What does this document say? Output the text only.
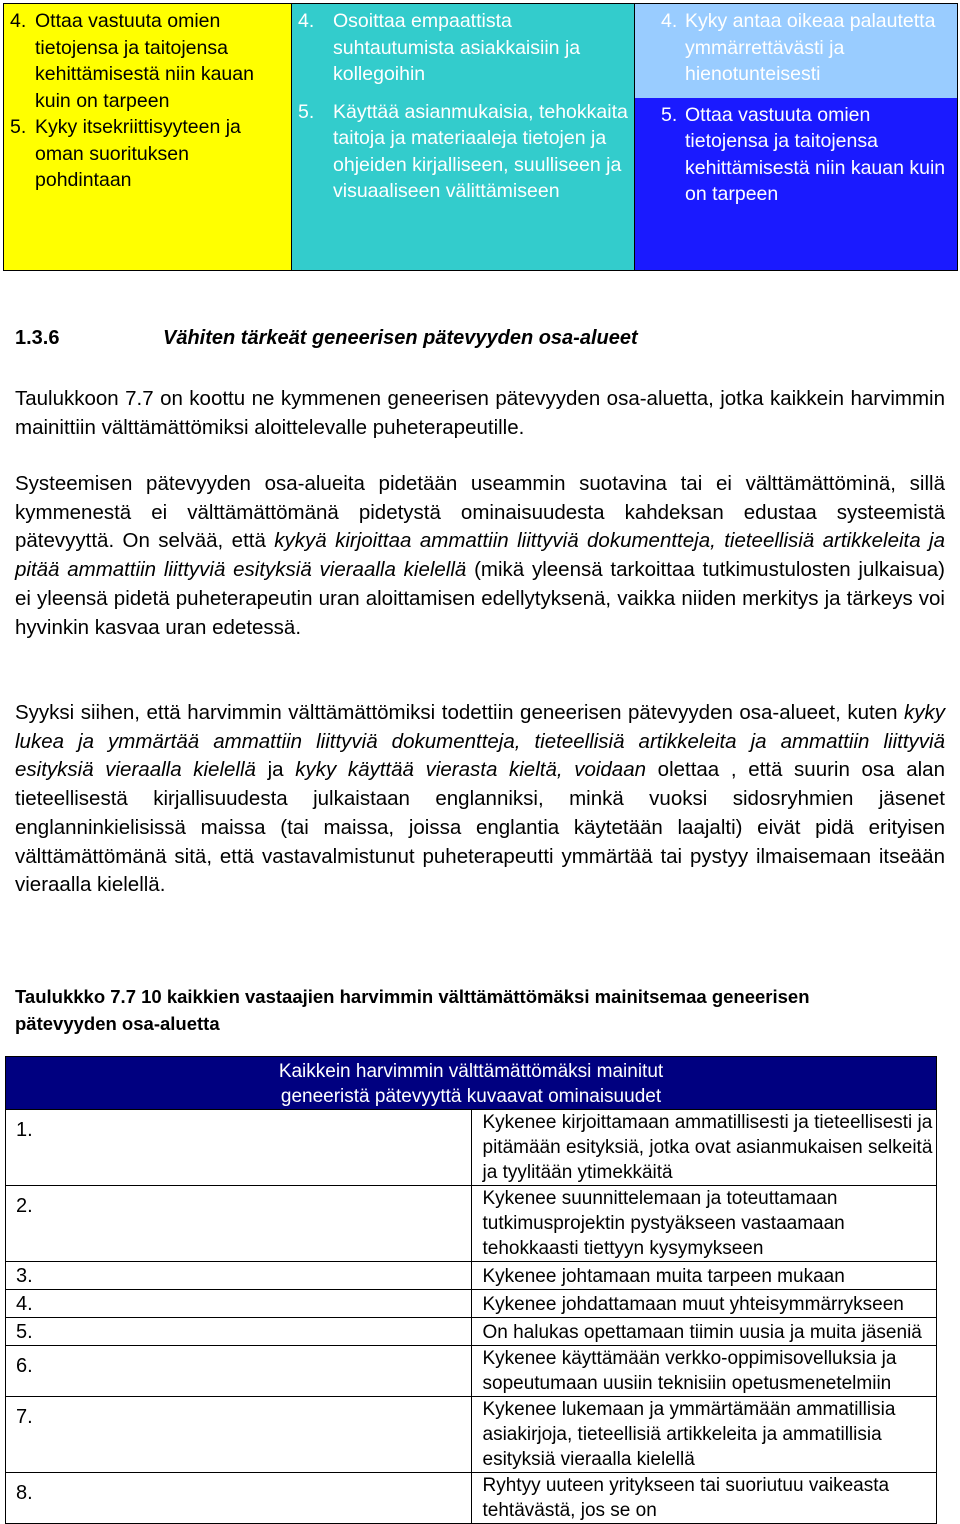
4. Ottaa vastuuta omien tietojensa ja taitojensa kehittämisestä niin kauan kuin on tarpeen
5. Kyky itsekriittisyyteen ja oman suorituksen pohdintaan

4. Osoittaa empaattista suhtautumista asiakkaisiin ja kollegoihin
5. Käyttää asianmukaisia, tehokkaita taitoja ja materiaaleja tietojen ja ohjeiden kirjalliseen, suulliseen ja visuaaliseen välittämiseen

4. Kyky antaa oikeaa palautetta ymmärrettävästi ja hienotunteisesti
5. Ottaa vastuuta omien tietojensa ja taitojensa kehittämisestä niin kauan kuin on tarpeen
1.3.6	Vähiten tärkeät geneerisen pätevyyden osa-alueet
Taulukkoon 7.7 on koottu ne kymmenen geneerisen pätevyyden osa-aluetta, jotka kaikkein harvimmin mainittiin välttämättömiksi aloittelevalle puheterapeutille.
Systeemisen pätevyyden osa-alueita pidetään useammin suotavina tai ei välttämättöminä, sillä kymmenestä ei välttämättömänä pidetystä ominaisuudesta kahdeksan edustaa systeemistä pätevyyttä. On selvää, että kykyä kirjoittaa ammattiin liittyviä dokumentteja, tieteellisiä artikkeleita ja pitää ammattiin liittyviä esityksiä vieraalla kielellä (mikä yleensä tarkoittaa tutkimustulosten julkaisua) ei yleensä pidetä puheterapeutin uran aloittamisen edellytyksenä, vaikka niiden merkitys ja tärkeys voi hyvinkin kasvaa uran edetessä.
Syyksi siihen, että harvimmin välttämättömiksi todettiin geneerisen pätevyyden osa-alueet, kuten kyky lukea ja ymmärtää ammattiin liittyviä dokumentteja, tieteellisiä artikkeleita ja ammattiin liittyviä esityksiä vieraalla kielellä ja kyky käyttää vierasta kieltä, voidaan olettaa , että suurin osa alan tieteellisestä kirjallisuudesta julkaistaan englanniksi, minkä vuoksi sidosryhmien jäsenet englanninkielisissä maissa (tai maissa, joissa englantia käytetään laajalti) eivät pidä erityisen välttämättömänä sitä, että vastavalmistunut puheterapeutti ymmärtää tai pystyy ilmaisemaan itseään vieraalla kielellä.
Taulukkko 7.7 10 kaikkien vastaajien harvimmin välttämättömäksi mainitsemaa geneerisen pätevyyden osa-aluetta
Kaikkein harvimmin välttämättömäksi mainitut
geneeristä pätevyyttä kuvaavat ominaisuudet	

1.	Kykenee kirjoittamaan ammatillisesti ja tieteellisesti ja pitämään esityksiä, jotka ovat asianmukaisen selkeitä ja tyylitään ytimekkäitä
2.	Kykenee suunnittelemaan ja toteuttamaan tutkimusprojektin pystyäkseen vastaamaan tehokkaasti tiettyyn kysymykseen
3.	Kykenee johtamaan muita tarpeen mukaan
4.	Kykenee johdattamaan muut yhteisymmärrykseen
5.	On halukas opettamaan tiimin uusia ja muita jäseniä
6.	Kykenee käyttämään verkko-oppimisovelluksia ja sopeutumaan uusiin teknisiin opetusmenetelmiin
7.	Kykenee lukemaan ja ymmärtämään ammatillisia asiakirjoja, tieteellisiä artikkeleita ja ammatillisia esityksiä vieraalla kielellä
8.	Ryhtyy uuteen yritykseen tai suoriutuu vaikeasta tehtävästä, jos se on
